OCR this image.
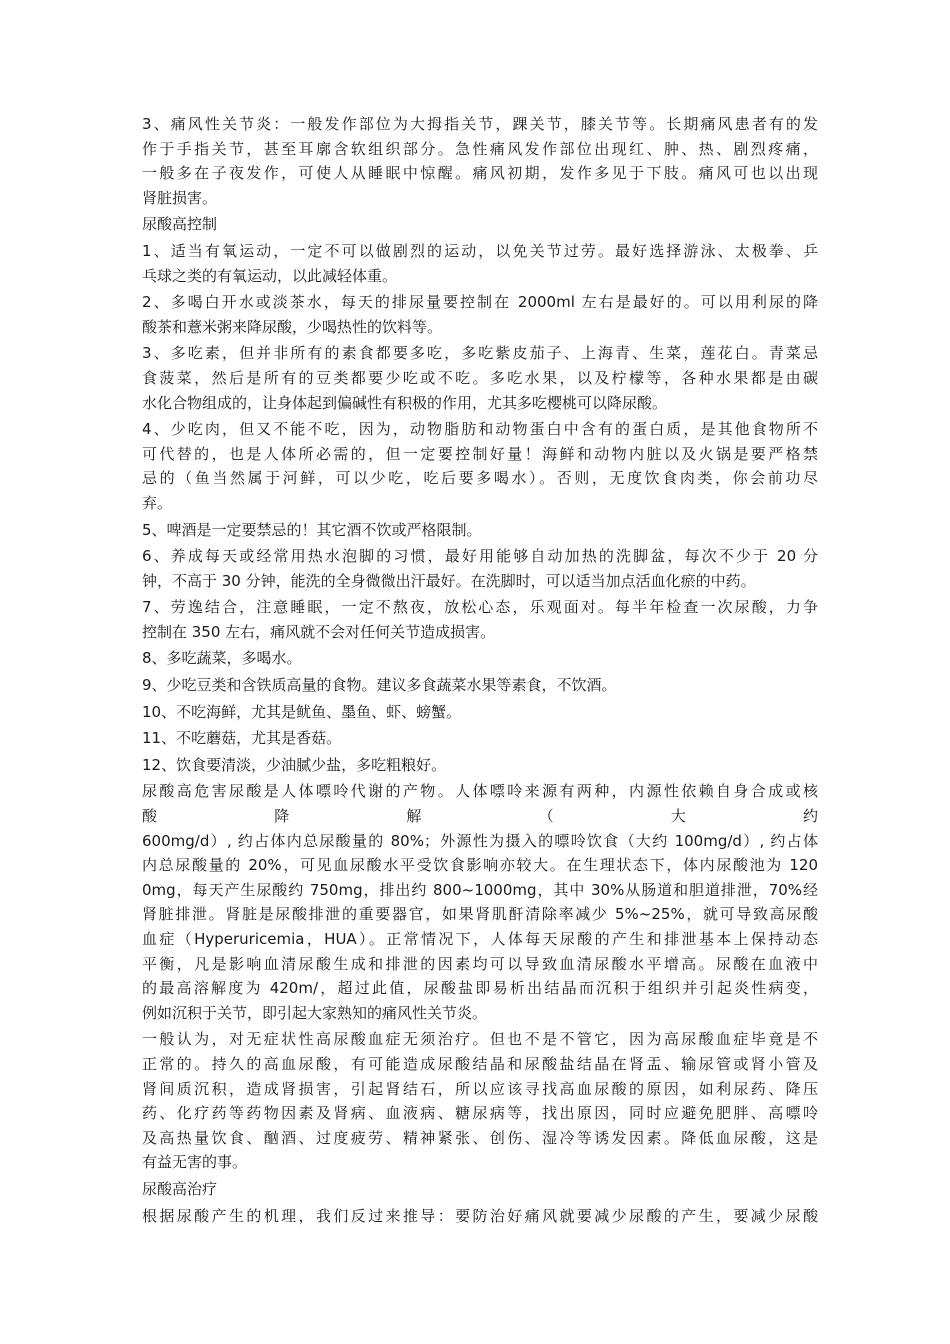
3、痛风性关节炎：一般发作部位为大拇指关节，踝关节，膝关节等。长期痛风患者有的发
作于手指关节，甚至耳廓含软组织部分。急性痛风发作部位出现红、肿、热、剧烈疼痛，
一般多在子夜发作，可使人从睡眠中惊醒。痛风初期，发作多见于下肢。痛风可也以出现
肾脏损害。
尿酸高控制
1、适当有氧运动，一定不可以做剧烈的运动，以免关节过劳。最好选择游泳、太极拳、乒
乓球之类的有氧运动，以此减轻体重。
2、多喝白开水或淡茶水，每天的排尿量要控制在 2000ml 左右是最好的。可以用利尿的降
酸茶和薏米粥来降尿酸，少喝热性的饮料等。
3、多吃素，但并非所有的素食都要多吃，多吃紫皮茄子、上海青、生菜，莲花白。青菜忌
食菠菜，然后是所有的豆类都要少吃或不吃。多吃水果，以及柠檬等，各种水果都是由碳
水化合物组成的，让身体起到偏碱性有积极的作用，尤其多吃樱桃可以降尿酸。
4、少吃肉，但又不能不吃，因为，动物脂肪和动物蛋白中含有的蛋白质，是其他食物所不
可代替的，也是人体所必需的，但一定要控制好量！海鲜和动物内脏以及火锅是要严格禁
忌的（鱼当然属于河鲜，可以少吃，吃后要多喝水）。否则，无度饮食肉类，你会前功尽
弃。
5、啤酒是一定要禁忌的！其它酒不饮或严格限制。
6、养成每天或经常用热水泡脚的习惯，最好用能够自动加热的洗脚盆，每次不少于 20 分
钟，不高于 30 分钟，能洗的全身微微出汗最好。在洗脚时，可以适当加点活血化瘀的中药。
7、劳逸结合，注意睡眠，一定不熬夜，放松心态，乐观面对。每半年检查一次尿酸，力争
控制在 350 左右，痛风就不会对任何关节造成损害。
8、多吃蔬菜，多喝水。
9、少吃豆类和含铁质高量的食物。建议多食蔬菜水果等素食，不饮酒。
10、不吃海鲜，尤其是鱿鱼、墨鱼、虾、螃蟹。
11、不吃蘑菇，尤其是香菇。
12、饮食要清淡，少油腻少盐，多吃粗粮好。
尿酸高危害尿酸是人体嘌呤代谢的产物。人体嘌呤来源有两种，内源性依赖自身合成或核
酸降解（大约
600mg/d）, 约占体内总尿酸量的 80%；外源性为摄入的嘌呤饮食（大约 100mg/d）, 约占体
内总尿酸量的 20%，可见血尿酸水平受饮食影响亦较大。在生理状态下，体内尿酸池为 120
0mg，每天产生尿酸约 750mg，排出约 800~1000mg，其中 30%从肠道和胆道排泄，70%经
肾脏排泄。肾脏是尿酸排泄的重要器官，如果肾肌酐清除率减少 5%~25%，就可导致高尿酸
血症（Hyperuricemia，HUA）。正常情况下，人体每天尿酸的产生和排泄基本上保持动态
平衡，凡是影响血清尿酸生成和排泄的因素均可以导致血清尿酸水平增高。尿酸在血液中
的最高溶解度为 420m/，超过此值，尿酸盐即易析出结晶而沉积于组织并引起炎性病变，
例如沉积于关节，即引起大家熟知的痛风性关节炎。
一般认为，对无症状性高尿酸血症无须治疗。但也不是不管它，因为高尿酸血症毕竟是不
正常的。持久的高血尿酸，有可能造成尿酸结晶和尿酸盐结晶在肾盂、输尿管或肾小管及
肾间质沉积，造成肾损害，引起肾结石，所以应该寻找高血尿酸的原因，如利尿药、降压
药、化疗药等药物因素及肾病、血液病、糖尿病等，找出原因，同时应避免肥胖、高嘌呤
及高热量饮食、酗酒、过度疲劳、精神紧张、创伤、湿冷等诱发因素。降低血尿酸，这是
有益无害的事。
尿酸高治疗
根据尿酸产生的机理，我们反过来推导：要防治好痛风就要减少尿酸的产生，要减少尿酸
